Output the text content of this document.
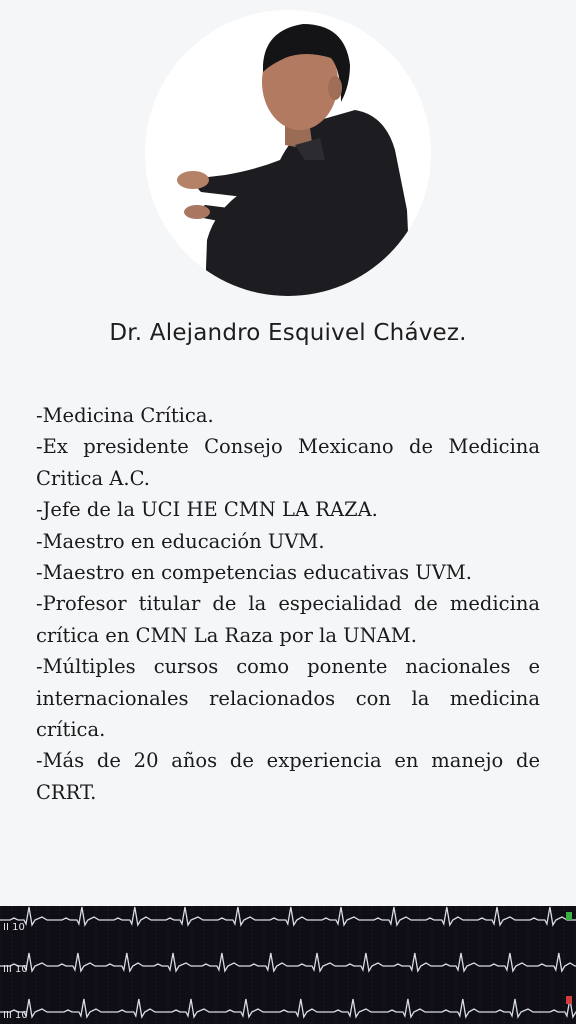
Dr. Alejandro Esquivel Chávez.
-Medicina Crítica.
-Ex presidente Consejo Mexicano de Medicina Critica A.C.
-Jefe de la UCI HE CMN LA RAZA.
-Maestro en educación UVM.
-Maestro en competencias educativas UVM.
-Profesor titular de la especialidad de medicina crítica en CMN La Raza por la UNAM.
-Múltiples cursos como ponente nacionales e internacionales relacionados con la medicina crítica.
-Más de 20 años de experiencia en manejo de CRRT.
II 10
III 10
III 10
